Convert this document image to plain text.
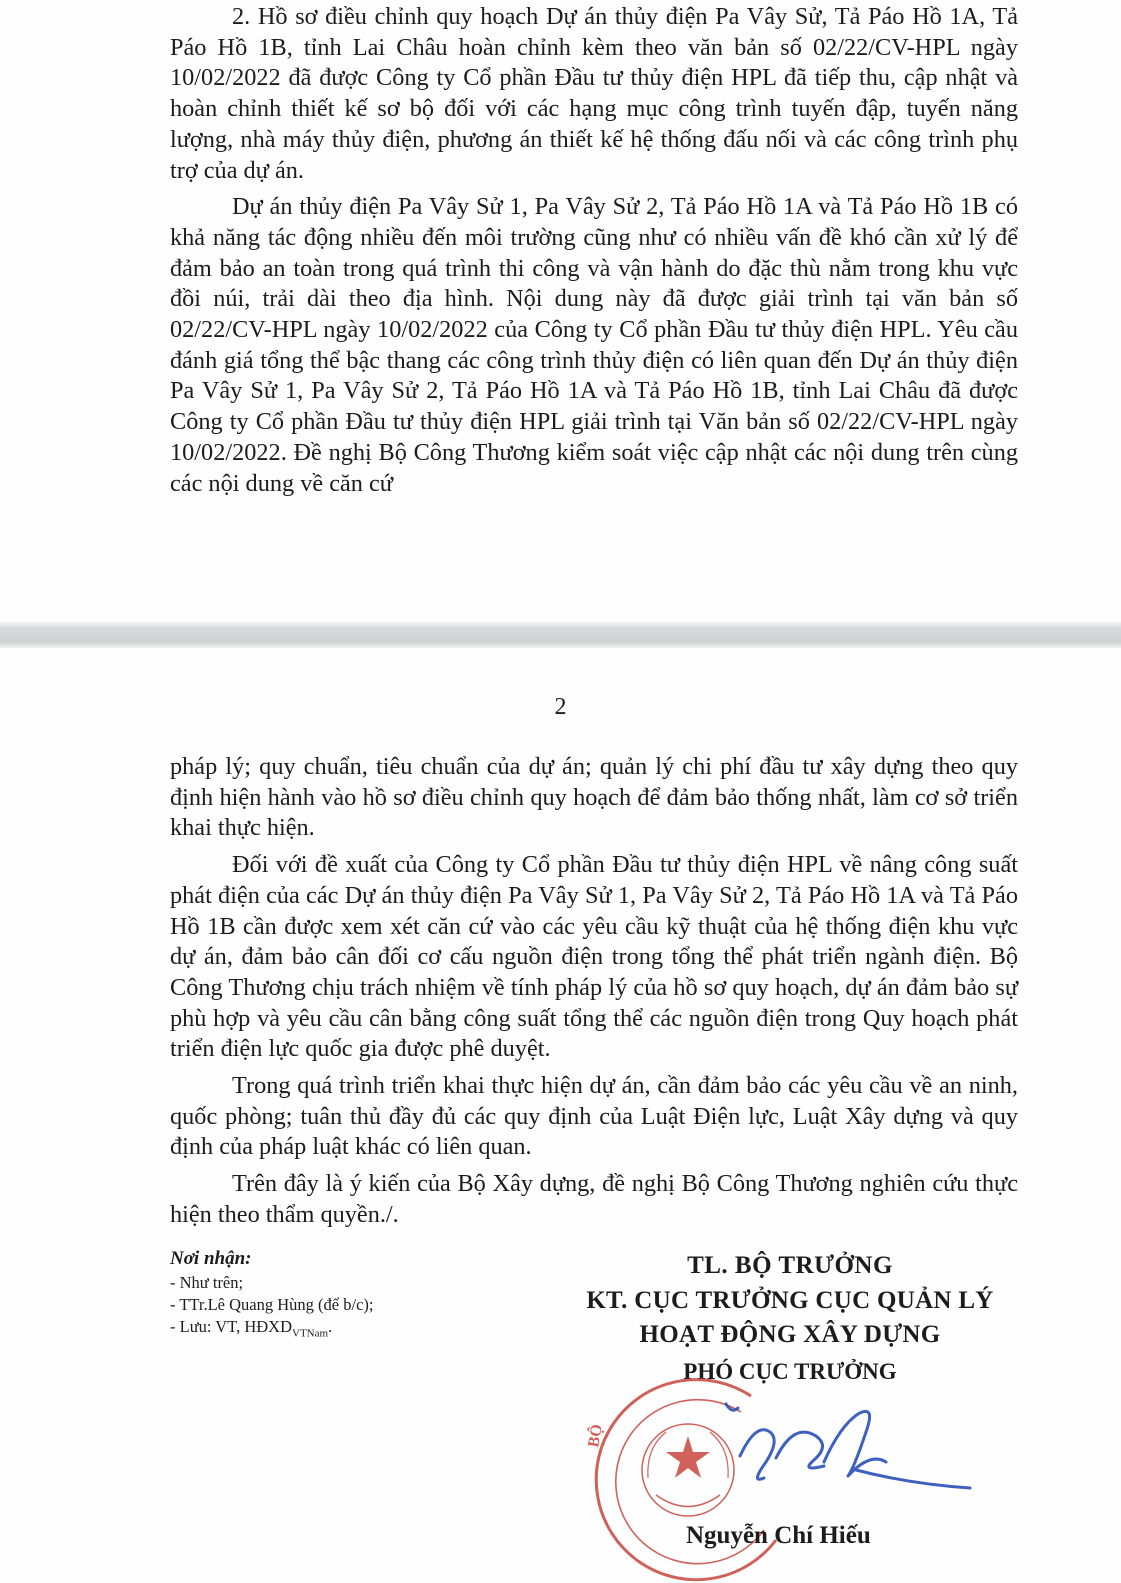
2. Hồ sơ điều chỉnh quy hoạch Dự án thủy điện Pa Vây Sử, Tả Páo Hồ 1A, Tả Páo Hồ 1B, tỉnh Lai Châu hoàn chỉnh kèm theo văn bản số 02/22/CV-HPL ngày 10/02/2022 đã được Công ty Cổ phần Đầu tư thủy điện HPL đã tiếp thu, cập nhật và hoàn chỉnh thiết kế sơ bộ đối với các hạng mục công trình tuyến đập, tuyến năng lượng, nhà máy thủy điện, phương án thiết kế hệ thống đấu nối và các công trình phụ trợ của dự án.

Dự án thủy điện Pa Vây Sử 1, Pa Vây Sử 2, Tả Páo Hồ 1A và Tả Páo Hồ 1B có khả năng tác động nhiều đến môi trường cũng như có nhiều vấn đề khó cần xử lý để đảm bảo an toàn trong quá trình thi công và vận hành do đặc thù nằm trong khu vực đồi núi, trải dài theo địa hình. Nội dung này đã được giải trình tại văn bản số 02/22/CV-HPL ngày 10/02/2022 của Công ty Cổ phần Đầu tư thủy điện HPL. Yêu cầu đánh giá tổng thể bậc thang các công trình thủy điện có liên quan đến Dự án thủy điện Pa Vây Sử 1, Pa Vây Sử 2, Tả Páo Hồ 1A và Tả Páo Hồ 1B, tỉnh Lai Châu đã được Công ty Cổ phần Đầu tư thủy điện HPL giải trình tại Văn bản số 02/22/CV-HPL ngày 10/02/2022. Đề nghị Bộ Công Thương kiểm soát việc cập nhật các nội dung trên cùng các nội dung về căn cứ

2

pháp lý; quy chuẩn, tiêu chuẩn của dự án; quản lý chi phí đầu tư xây dựng theo quy định hiện hành vào hồ sơ điều chỉnh quy hoạch để đảm bảo thống nhất, làm cơ sở triển khai thực hiện.

Đối với đề xuất của Công ty Cổ phần Đầu tư thủy điện HPL về nâng công suất phát điện của các Dự án thủy điện Pa Vây Sử 1, Pa Vây Sử 2, Tả Páo Hồ 1A và Tả Páo Hồ 1B cần được xem xét căn cứ vào các yêu cầu kỹ thuật của hệ thống điện khu vực dự án, đảm bảo cân đối cơ cấu nguồn điện trong tổng thể phát triển ngành điện. Bộ Công Thương chịu trách nhiệm về tính pháp lý của hồ sơ quy hoạch, dự án đảm bảo sự phù hợp và yêu cầu cân bằng công suất tổng thể các nguồn điện trong Quy hoạch phát triển điện lực quốc gia được phê duyệt.

Trong quá trình triển khai thực hiện dự án, cần đảm bảo các yêu cầu về an ninh, quốc phòng; tuân thủ đầy đủ các quy định của Luật Điện lực, Luật Xây dựng và quy định của pháp luật khác có liên quan.

Trên đây là ý kiến của Bộ Xây dựng, đề nghị Bộ Công Thương nghiên cứu thực hiện theo thẩm quyền./.

Nơi nhận:
- Như trên;
- TTr.Lê Quang Hùng (để b/c);
- Lưu: VT, $HĐXD_{VTNam}$.
TL. BỘ TRƯỞNG
KT. CỤC TRƯỞNG CỤC QUẢN LÝ
HOẠT ĐỘNG XÂY DỰNG
PHÓ CỤC TRƯỞNG
BỘ
Nguyễn Chí Hiếu
